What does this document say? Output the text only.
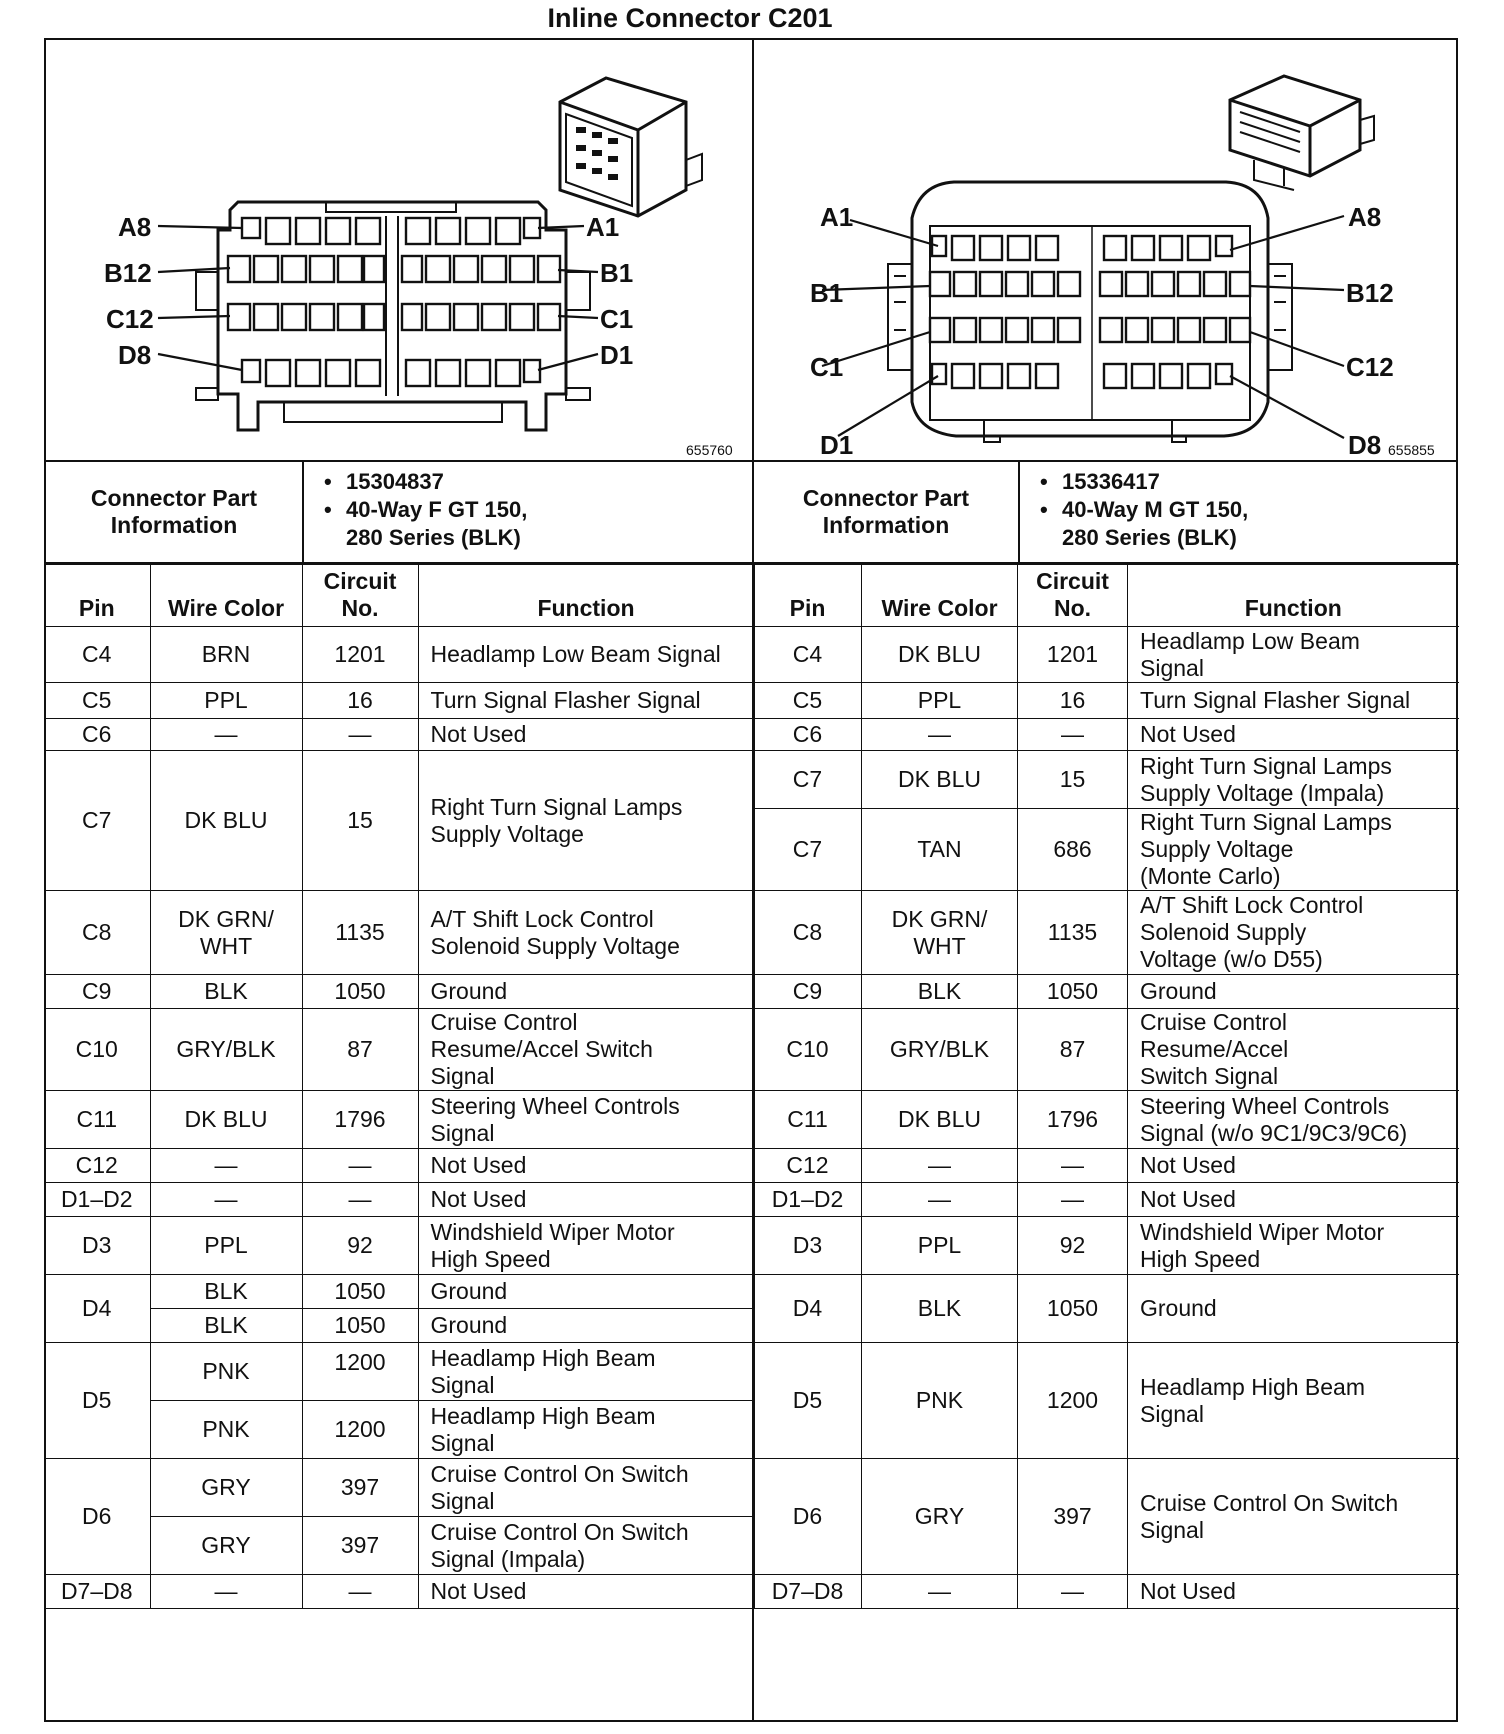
Inline Connector C201
A8	A1
B12	B1
C12	C1
D8	D1
655760
A1	A8
B1	B12
C1	C12
D1	D8 655855
Connector Part Information
• 15304837
• 40-Way F GT 150,
280 Series (BLK)
Connector Part Information
• 15336417
• 40-Way M GT 150,
280 Series (BLK)
Pin	Wire Color	Circuit No.	Function

C4	BRN	1201	Headlamp Low Beam Signal

C5	PPL	16	Turn Signal Flasher Signal

C6	—	—	Not Used

C7	DK BLU	15	Right Turn Signal Lamps
Supply Voltage

C8	DK GRN/
WHT	1135	A/T Shift Lock Control
Solenoid Supply Voltage

C9	BLK	1050	Ground

C10	GRY/BLK	87	Cruise Control
Resume/Accel Switch
Signal

C11	DK BLU	1796	Steering Wheel Controls
Signal

C12	—	—	Not Used

D1–D2	—	—	Not Used

D3	PPL	92	Windshield Wiper Motor
High Speed

D4	BLK	1050	Ground

	BLK	1050	Ground

D5	PNK	1200	Headlamp High Beam
Signal

	PNK	1200	Headlamp High Beam
Signal

D6	GRY	397	Cruise Control On Switch
Signal

	GRY	397	Cruise Control On Switch
Signal (Impala)

D7–D8	—	—	Not Used
Pin	Wire Color	Circuit No.	Function

C4	DK BLU	1201	Headlamp Low Beam
Signal

C5	PPL	16	Turn Signal Flasher Signal

C6	—	—	Not Used

C7	DK BLU	15	Right Turn Signal Lamps
Supply Voltage (Impala)

C7	TAN	686	Right Turn Signal Lamps
Supply Voltage
(Monte Carlo)

C8	DK GRN/
WHT	1135	A/T Shift Lock Control
Solenoid Supply
Voltage (w/o D55)

C9	BLK	1050	Ground

C10	GRY/BLK	87	Cruise Control
Resume/Accel
Switch Signal

C11	DK BLU	1796	Steering Wheel Controls
Signal (w/o 9C1/9C3/9C6)

C12	—	—	Not Used

D1–D2	—	—	Not Used

D3	PPL	92	Windshield Wiper Motor
High Speed

D4	BLK	1050	Ground

D5	PNK	1200	Headlamp High Beam
Signal

D6	GRY	397	Cruise Control On Switch
Signal

D7–D8	—	—	Not Used
